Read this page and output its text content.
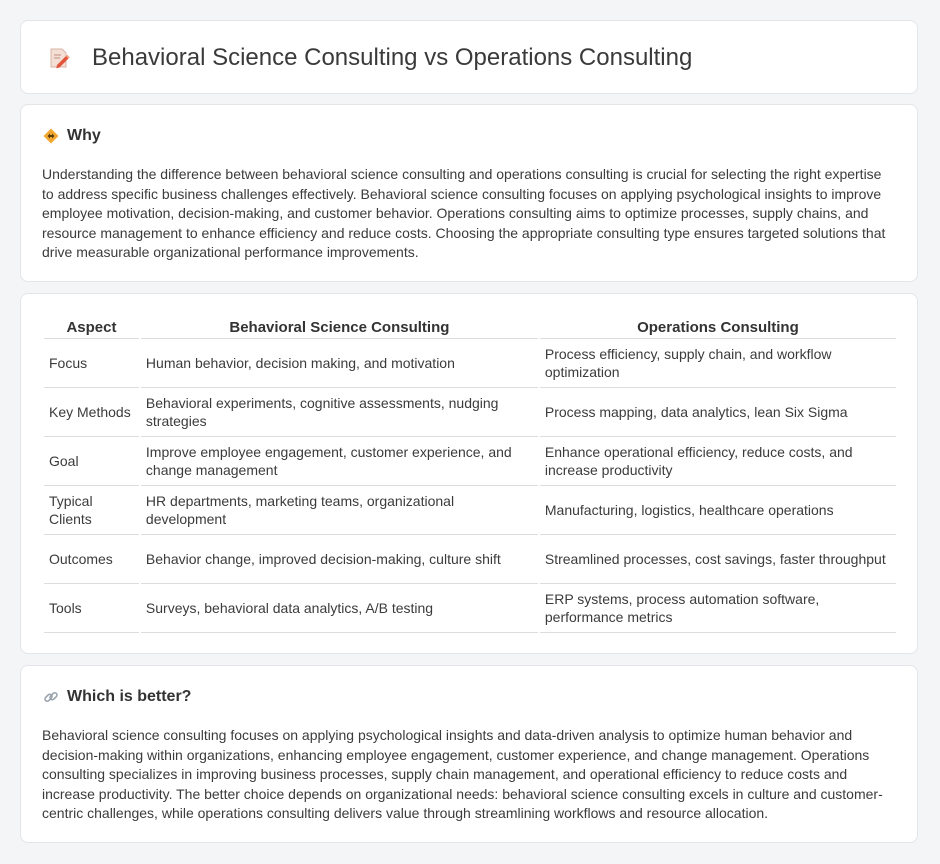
Behavioral Science Consulting vs Operations Consulting
Why

Understanding the difference between behavioral science consulting and operations consulting is crucial for selecting the right expertise to address specific business challenges effectively. Behavioral science consulting focuses on applying psychological insights to improve employee motivation, decision-making, and customer behavior. Operations consulting aims to optimize processes, supply chains, and resource management to enhance efficiency and reduce costs. Choosing the appropriate consulting type ensures targeted solutions that drive measurable organizational performance improvements.

Aspect	Behavioral Science Consulting	Operations Consulting
Focus	Human behavior, decision making, and motivation	Process efficiency, supply chain, and workflow optimization
Key Methods	Behavioral experiments, cognitive assessments, nudging strategies	Process mapping, data analytics, lean Six Sigma
Goal	Improve employee engagement, customer experience, and change management	Enhance operational efficiency, reduce costs, and increase productivity
Typical Clients	HR departments, marketing teams, organizational development	Manufacturing, logistics, healthcare operations
Outcomes	Behavior change, improved decision-making, culture shift	Streamlined processes, cost savings, faster throughput
Tools	Surveys, behavioral data analytics, A/B testing	ERP systems, process automation software, performance metrics
Which is better?

Behavioral science consulting focuses on applying psychological insights and data-driven analysis to optimize human behavior and decision-making within organizations, enhancing employee engagement, customer experience, and change management. Operations consulting specializes in improving business processes, supply chain management, and operational efficiency to reduce costs and increase productivity. The better choice depends on organizational needs: behavioral science consulting excels in culture and customer-centric challenges, while operations consulting delivers value through streamlining workflows and resource allocation.
